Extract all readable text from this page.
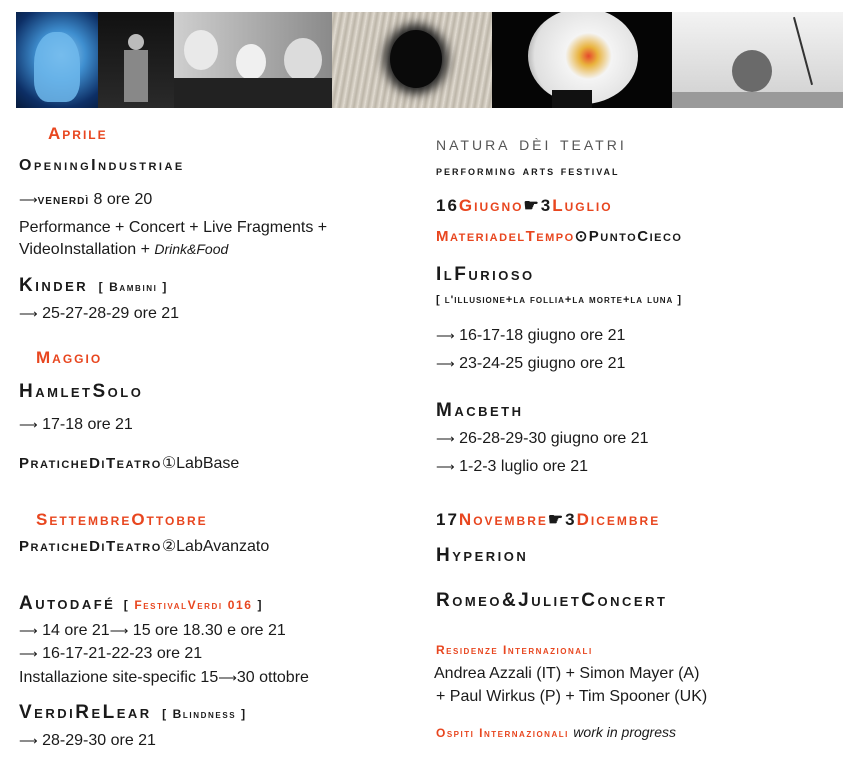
Aprile
OpeningIndustriae
⟶venerdì 8 ore 20
Performance + Concert + Live Fragments +
VideoInstallation + Drink&Food
Kinder [ Bambini ]
⟶ 25-27-28-29 ore 21
Maggio
HamletSolo
⟶ 17-18 ore 21
PraticheDiTeatro①LabBase
SettembreOttobre
PraticheDiTeatro②LabAvanzato
Autodafé [ FestivalVerdi 016 ]
⟶ 14 ore 21⟶ 15 ore 18.30 e ore 21
⟶ 16-17-21-22-23 ore 21
Installazione site-specific 15⟶30 ottobre
VerdiReLear [ Blindness ]
⟶ 28-29-30 ore 21
natura dèi teatri
performing arts festival
16Giugno☛3Luglio
MateriadelTempo⊙PuntoCieco
IlFurioso
[ l'illusione+la follia+la morte+la luna ]
⟶ 16-17-18 giugno ore 21
⟶ 23-24-25 giugno ore 21
Macbeth
⟶ 26-28-29-30 giugno ore 21
⟶ 1-2-3 luglio ore 21
17Novembre☛3Dicembre
Hyperion
Romeo&JulietConcert
Residenze Internazionali
Andrea Azzali (IT) + Simon Mayer (A)
+ Paul Wirkus (P) + Tim Spooner (UK)
Ospiti Internazionali work in progress
